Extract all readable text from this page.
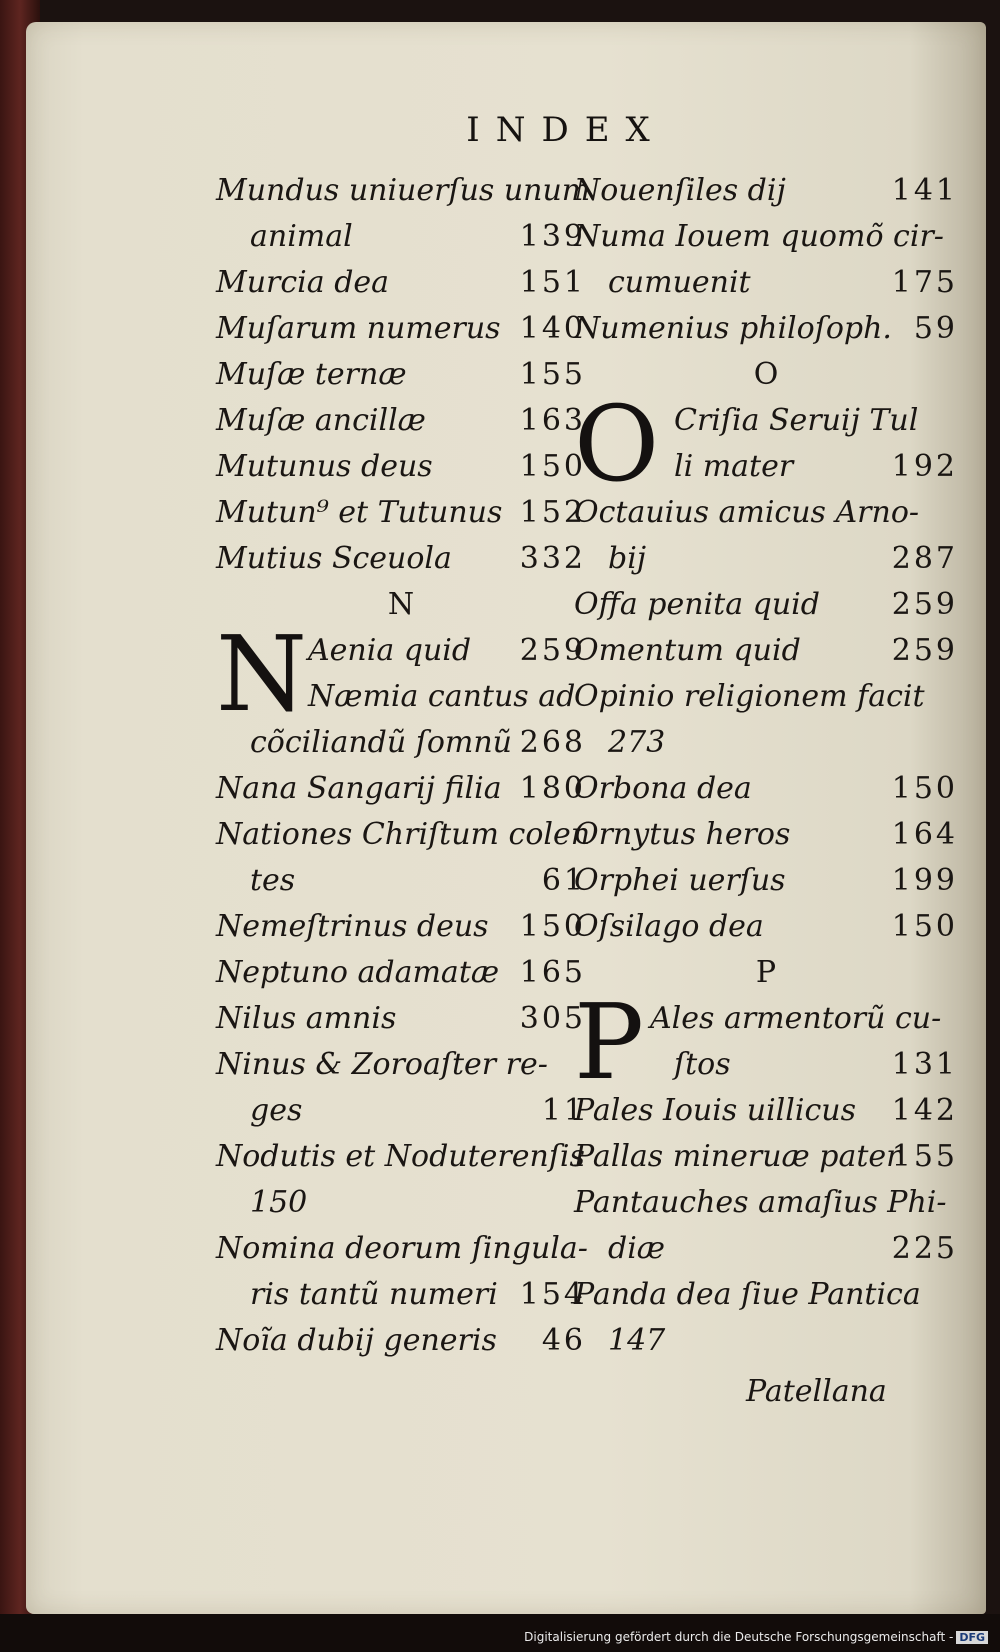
INDEX
Mundus uniuerſus unum
animal	139
Murcia dea	151
Muſarum numerus 140
Muſæ ternæ	155
Muſæ ancillæ	163
Mutunus deus	150
Mutun⁹ et Tutunus 152
Mutius Sceuola 332
N
N Aenia quid 259
Næmia cantus ad
cõciliandũ ſomnũ 268
Nana Sangarij filia 180
Nationes Chriſtum colen
tes	61
Nemeſtrinus deus 150
Neptuno adamatæ 165
Nilus amnis	305
Ninus & Zoroaſter re-
ges	11
Nodutis et Noduterenſis
150
Nomina deorum ſingula-
ris tantũ numeri 154
Noĩa dubij generis 46
Nouenſiles dij	141
Numa Iouem quomõ cir-
cumuenit	175
Numenius philoſoph. 59
O
O Criſia Seruij Tul
li mater	192
Octauius amicus Arno-
bij	287
Offa penita quid 259
Omentum quid	259
Opinio religionem facit
273
Orbona dea	150
Ornytus heros	164
Orphei uerſus	199
Oſsilago dea	150
P
P Ales armentorũ cu-
ſtos	131
Pales Iouis uillicus 142
Pallas mineruæ pater
155
Pantauches amaſius Phi-
diæ	225
Panda dea ſiue Pantica
147
Patellana
Digitalisierung gefördert durch die Deutsche Forschungsgemeinschaft - DFG
